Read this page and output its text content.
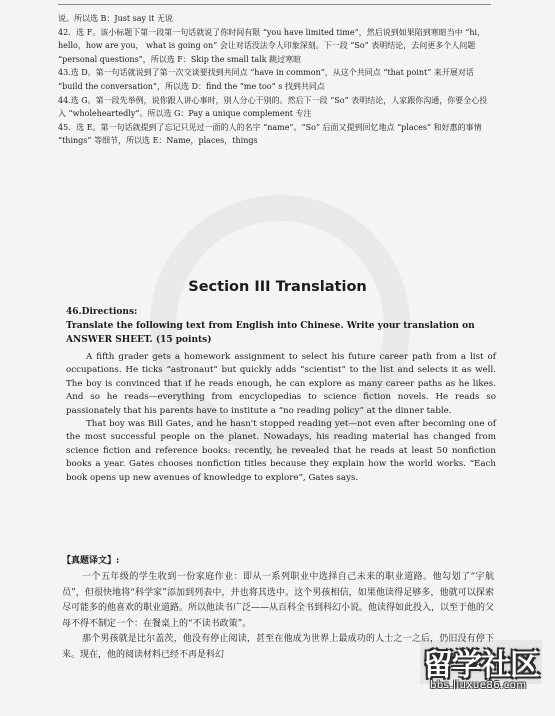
说。所以选 B：Just say it 无说

42．选 F。该小标题下第一段第一句话就说了你时间有限 “you have limited time”，然后说到如果陷到寒暄当中 “hi，hello，how are you， what is going on” 会让对话没法令人印象深刻。下一段 “So” 表明结论，去问更多个人问题 “personal questions”，所以选 F：Skip the small talk 跳过寒暄

43.选 D。第一句话就说到了第一次交谈要找到共同点 “have in common”，从这个共同点 “that point” 来开展对话 “build the conversation”，所以选 D：find the “me too” s 找到共同点

44.选 G。第一段先举例，说你跟人讲心事时，别人分心干别的。然后下一段 “So” 表明结论，人家跟你沟通，你要全心投入 “wholeheartedly”。所以选 G：Pay a unique complement 专注

45．选 E。第一句话就提到了忘记只见过一面的人的名字 “name”。“So” 后面又提到回忆地点 “places” 和好惠的事情 “things” 等细节，所以选 E：Name，places，things

Section III Translation

46.Directions:

Translate the following text from English into Chinese. Write your translation on ANSWER SHEET. (15 points)

A fifth grader gets a homework assignment to select his future career path from a list of occupations. He ticks “astronaut” but quickly adds “scientist” to the list and selects it as well. The boy is convinced that if he reads enough, he can explore as many career paths as he likes. And so he reads—everything from encyclopedias to science fiction novels. He reads so passionately that his parents have to institute a “no reading policy” at the dinner table.

That boy was Bill Gates, and he hasn't stopped reading yet—not even after becoming one of the most successful people on the planet. Nowadays, his reading material has changed from science fiction and reference books: recently, he revealed that he reads at least 50 nonfiction books a year. Gates chooses nonfiction titles because they explain how the world works. “Each book opens up new avenues of knowledge to explore”, Gates says.

【真题译文】:

一个五年级的学生收到一份家庭作业：即从一系列职业中选择自己未来的职业道路。他勾划了“宇航员”，但很快地将“科学家”添加到列表中，并也将其选中。这个男孩相信，如果他读得足够多，他就可以探索尽可能多的他喜欢的职业道路。所以他读书广泛——从百科全书到科幻小说。他读得如此投入，以至于他的父母不得不制定一个：在餐桌上的“不读书政策”。

那个男孩就是比尔盖茨，他没有停止阅读，甚至在他成为世界上最成功的人士之一之后，仍旧没有停下来。现在，他的阅读材料已经不再是科幻	留学社区
bbs.liuxue86.com
